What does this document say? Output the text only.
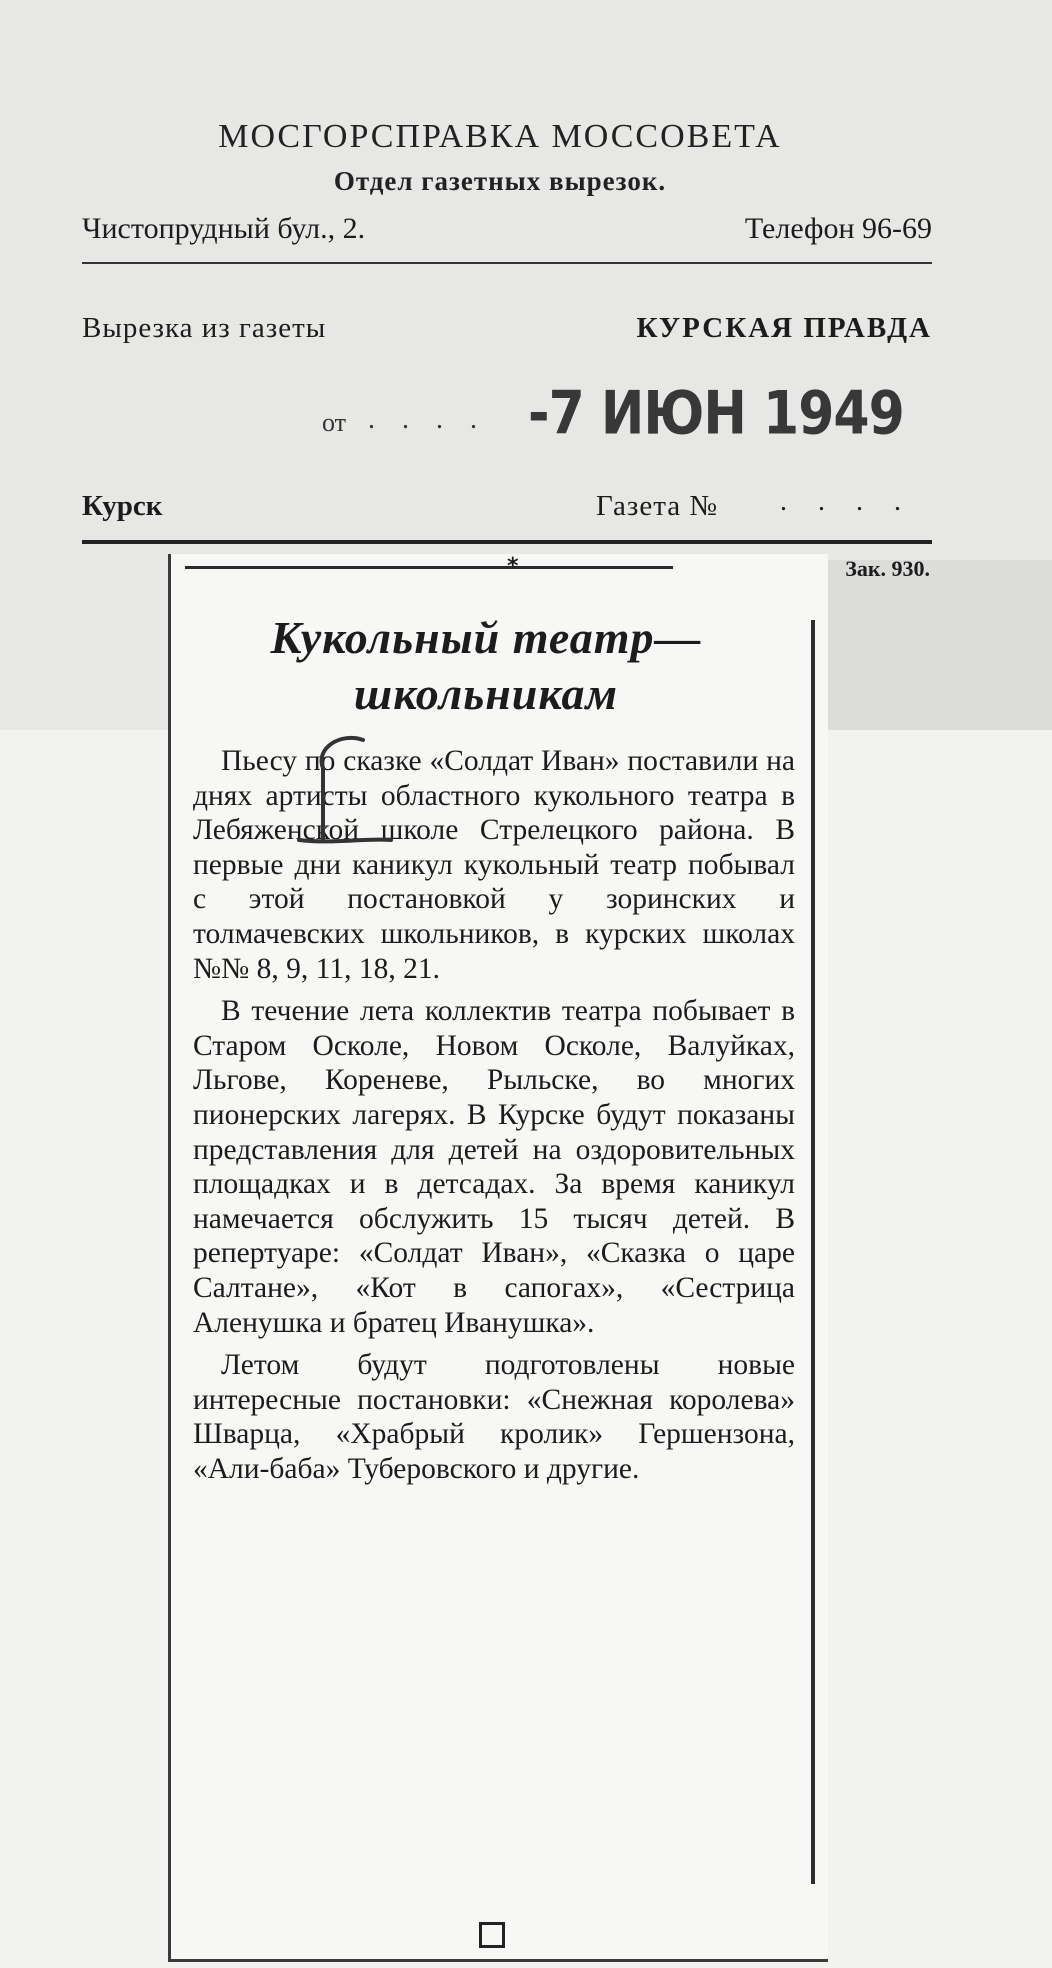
МОСГОРСПРАВКА МОССОВЕТА
Отдел газетных вырезок.
Чистопрудный бул., 2.	Телефон 96-69
Вырезка из газеты	КУРСКАЯ ПРАВДА
от . . . . -7 ИЮН 1949
Курск	Газета № . . . .
Зак. 930.
*
Кукольный театр—
школьникам

Пьесу по сказке «Солдат Иван» поставили на днях артисты областного кукольного театра в Лебяженской школе Стрелецкого района. В первые дни каникул кукольный театр побывал с этой постановкой у зоринских и толмачевских школьников, в курских школах №№ 8, 9, 11, 18, 21.

В течение лета коллектив театра побывает в Старом Осколе, Новом Осколе, Валуйках, Льгове, Кореневе, Рыльске, во многих пионерских лагерях. В Курске будут показаны представления для детей на оздоровительных площадках и в детсадах. За время каникул намечается обслужить 15 тысяч детей. В репертуаре: «Солдат Иван», «Сказка о царе Салтане», «Кот в сапогах», «Сестрица Аленушка и братец Иванушка».

Летом будут подготовлены новые интересные постановки: «Снежная королева» Шварца, «Храбрый кролик» Гершензона, «Али-баба» Туберовского и другие.
